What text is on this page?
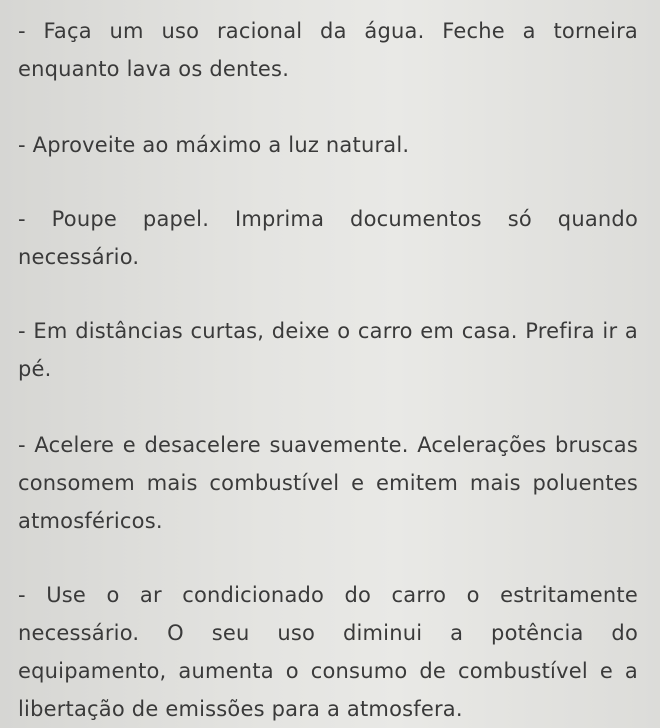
- Faça um uso racional da água. Feche a torneira enquanto lava os dentes.

- Aproveite ao máximo a luz natural.

- Poupe papel. Imprima documentos só quando necessário.

- Em distâncias curtas, deixe o carro em casa. Prefira ir a pé.

- Acelere e desacelere suavemente. Acelerações bruscas consomem mais combustível e emitem mais poluentes atmosféricos.

- Use o ar condicionado do carro o estritamente necessário. O seu uso diminui a potência do equipamento, aumenta o consumo de combustível e a libertação de emissões para a atmosfera.
